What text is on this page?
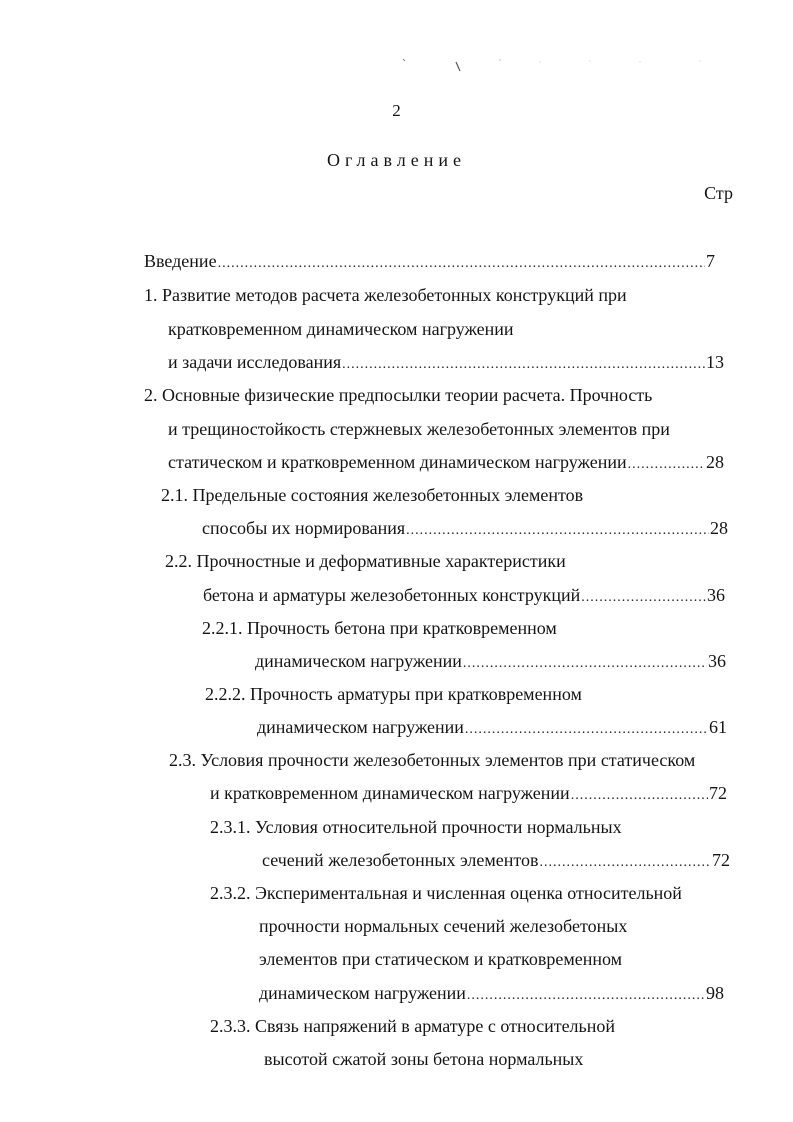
2
Оглавление
Стр
Введение .....	7
1. Развитие методов расчета железобетонных конструкций при
кратковременном динамическом нагружении
и задачи исследования .....	13
2. Основные физические предпосылки теории расчета. Прочность
и трещиностойкость стержневых железобетонных элементов при
статическом и кратковременном динамическом нагружении .....	28
2.1. Предельные состояния железобетонных элементов
способы их нормирования .....	28
2.2. Прочностные и деформативные характеристики
бетона и арматуры железобетонных конструкций .....	36
2.2.1. Прочность бетона при кратковременном
динамическом нагружении .....	36
2.2.2. Прочность арматуры при кратковременном
динамическом нагружении .....	61
2.3. Условия прочности железобетонных элементов при статическом
и кратковременном динамическом нагружении .....	72
2.3.1. Условия относительной прочности нормальных
сечений железобетонных элементов .....	72
2.3.2. Экспериментальная и численная оценка относительной
прочности нормальных сечений железобетоных
элементов при статическом и кратковременном
динамическом нагружении .....	98
2.3.3. Связь напряжений в арматуре с относительной
высотой сжатой зоны бетона нормальных
